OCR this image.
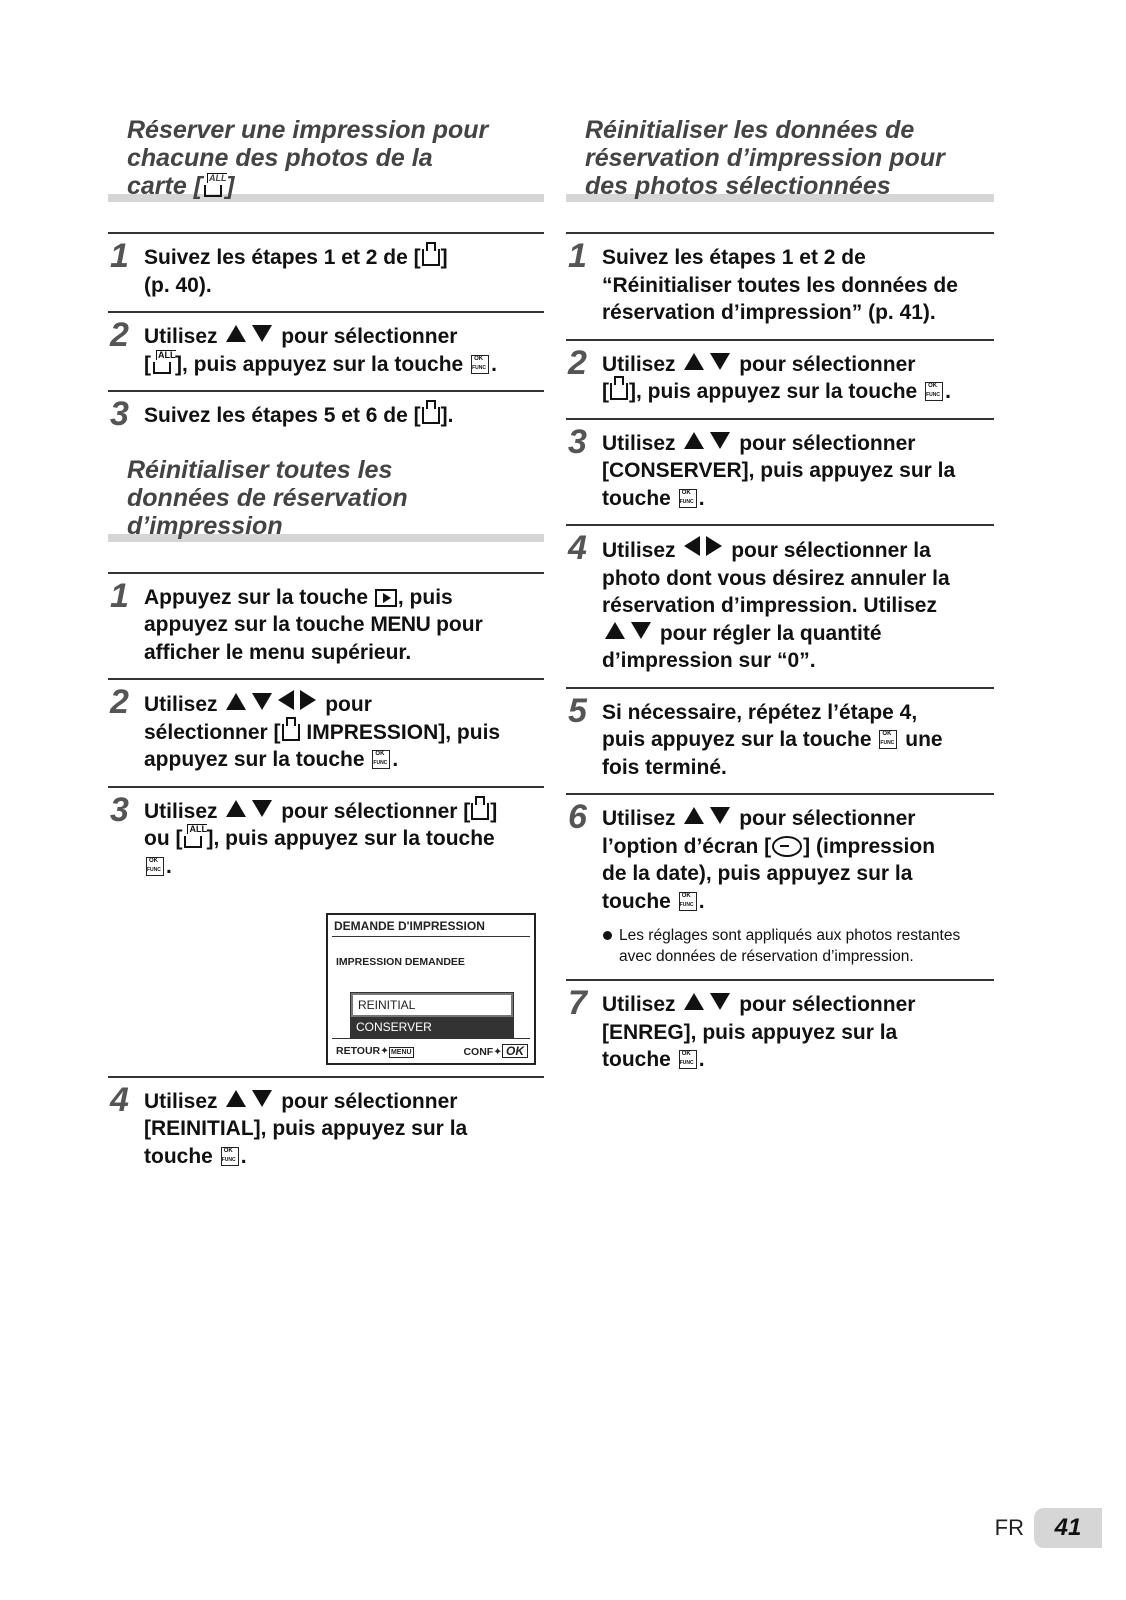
Réserver une impression pour
chacune des photos de la
carte [ ALL ]
1 Suivez les étapes 1 et 2 de [ ]
(p. 40).
2 Utilisez	pour sélectionner
[ ALL ], puis appuyez sur la touche OK FUNC .
3 Suivez les étapes 5 et 6 de [ ].
Réinitialiser toutes les
données de réservation
d’impression
1 Appuyez sur la touche , puis
appuyez sur la touche MENU pour
afficher le menu supérieur.
2 Utilisez	pour
sélectionner [ IMPRESSION], puis
appuyez sur la touche OK FUNC .
3 Utilisez	pour sélectionner [ ]
ou [ ALL ], puis appuyez sur la touche
OK FUNC.
4 Utilisez	pour sélectionner
[REINITIAL], puis appuyez sur la
touche OK FUNC .
DEMANDE D'IMPRESSION
IMPRESSION DEMANDEE
REINITIAL
CONSERVER
RETOUR✦ MENU	CONF✦ OK
Réinitialiser les données de
réservation d’impression pour
des photos sélectionnées
1 Suivez les étapes 1 et 2 de
“Réinitialiser toutes les données de
réservation d’impression” (p. 41).
2 Utilisez	pour sélectionner
[ ], puis appuyez sur la touche OK FUNC .
3 Utilisez	pour sélectionner
[CONSERVER], puis appuyez sur la
touche OK FUNC .
4 Utilisez	pour sélectionner la
photo dont vous désirez annuler la
réservation d’impression. Utilisez
pour régler la quantité
d’impression sur “0”.
5 Si nécessaire, répétez l’étape 4,
puis appuyez sur la touche OK FUNC une
fois terminé.
6 Utilisez	pour sélectionner
l’option d’écran [ ] (impression
de la date), puis appuyez sur la
touche OK FUNC .
Les réglages sont appliqués aux photos restantes
avec données de réservation d’impression.
7 Utilisez	pour sélectionner
[ENREG], puis appuyez sur la
touche OK FUNC .
FR	41
